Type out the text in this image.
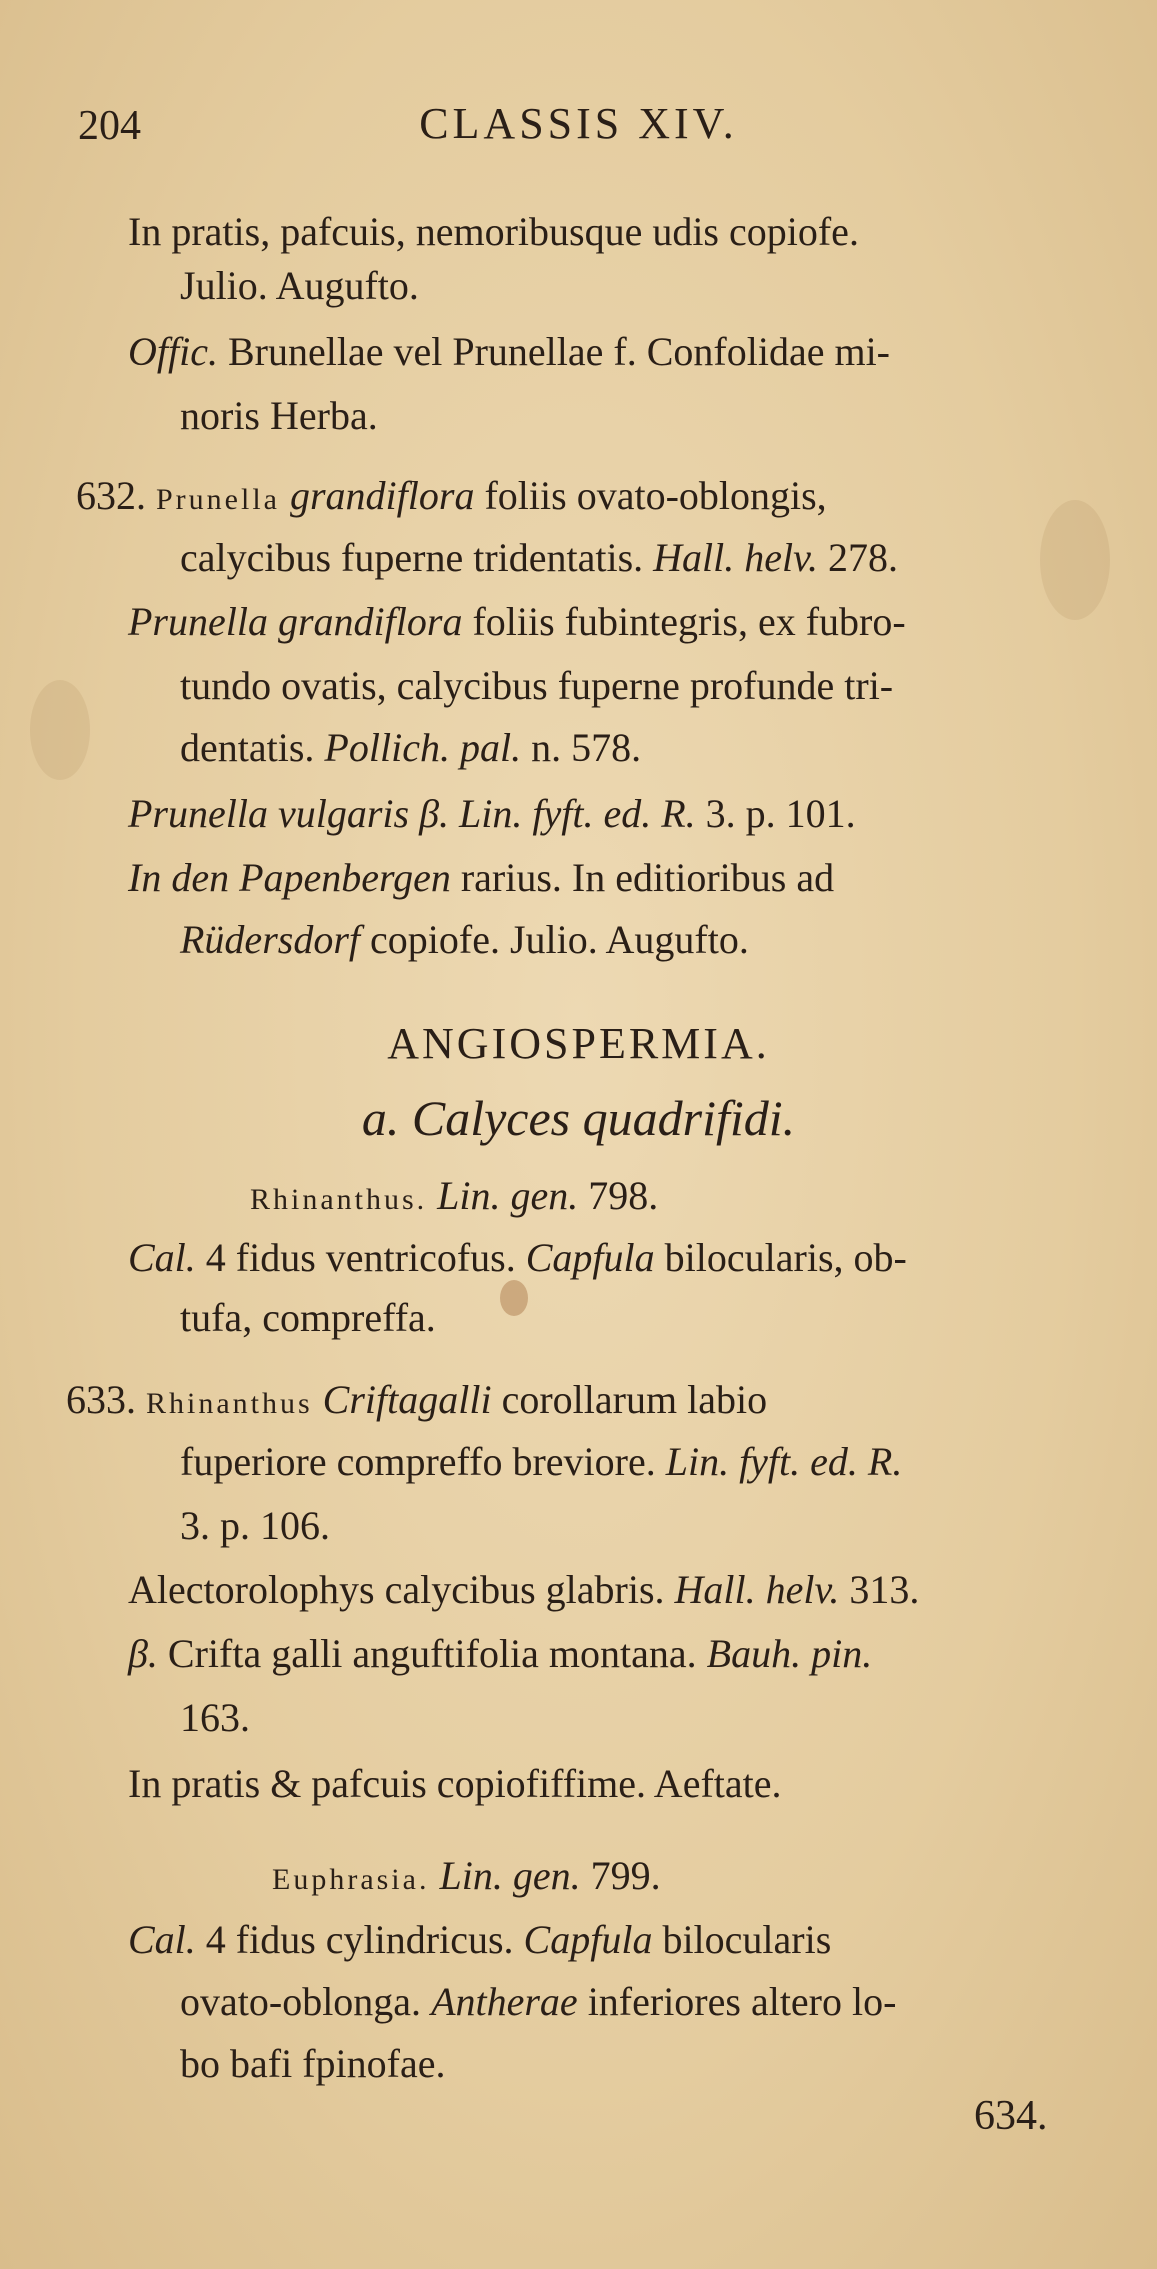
204	CLASSIS XIV.
In pratis, pafcuis, nemoribusque udis copiofe.
Julio. Augufto.
Offic. Brunellae vel Prunellae f. Confolidae mi-
noris Herba.
632. Prunella grandiflora foliis ovato-oblongis,
calycibus fuperne tridentatis. Hall. helv. 278.
Prunella grandiflora foliis fubintegris, ex fubro-
tundo ovatis, calycibus fuperne profunde tri-
dentatis. Pollich. pal. n. 578.
Prunella vulgaris β. Lin. fyft. ed. R. 3. p. 101.
In den Papenbergen rarius. In editioribus ad
Rüdersdorf copiofe. Julio. Augufto.
ANGIOSPERMIA.
a. Calyces quadrifidi.
Rhinanthus. Lin. gen. 798.
Cal. 4 fidus ventricofus. Capfula bilocularis, ob-
tufa, compreffa.
633. Rhinanthus Criftagalli corollarum labio
fuperiore compreffo breviore. Lin. fyft. ed. R.
3. p. 106.
Alectorolophys calycibus glabris. Hall. helv. 313.
β. Crifta galli anguftifolia montana. Bauh. pin.
163.
In pratis & pafcuis copiofiffime. Aeftate.
Euphrasia. Lin. gen. 799.
Cal. 4 fidus cylindricus. Capfula bilocularis
ovato-oblonga. Antherae inferiores altero lo-
bo bafi fpinofae.
634.
